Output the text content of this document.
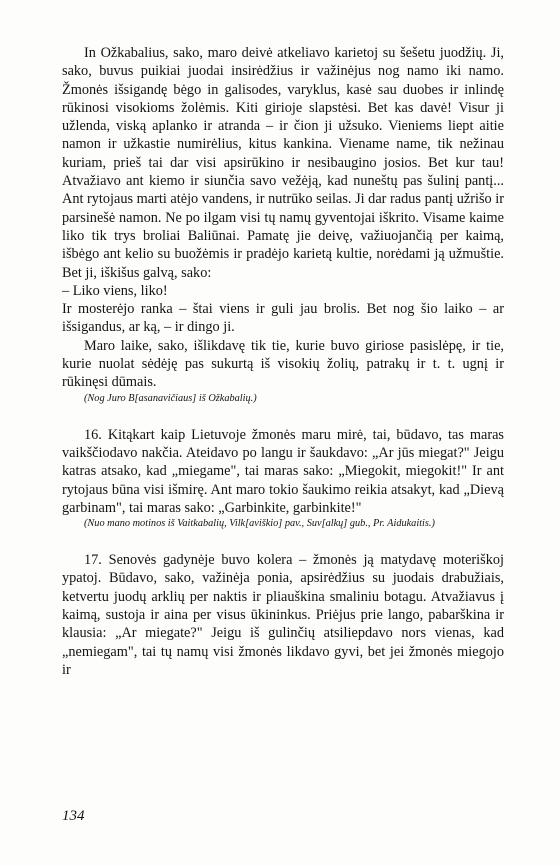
In Ožkabalius, sako, maro deivė atkeliavo karietoj su šešetu juodžių. Ji, sako, buvus puikiai juodai insirėdžius ir važinėjus nog namo iki namo. Žmonės išsigandę bėgo in galisodes, varyklus, kasė sau duobes ir inlindę rūkinosi visokioms žolėmis. Kiti girioje slapstėsi. Bet kas davė! Visur ji užlenda, viską aplanko ir atranda – ir čion ji užsuko. Vieniems liept aitie namon ir užkastie numirėlius, kitus kankina. Viename name, tik nežinau kuriam, prieš tai dar visi apsirūkino ir nesibaugino josios. Bet kur tau! Atvažiavo ant kiemo ir siunčia savo vežėją, kad nuneštų pas šulinį pantį... Ant rytojaus marti atėjo vandens, ir nutrūko seilas. Ji dar radus pantį užrišo ir parsinešė namon. Ne po ilgam visi tų namų gyventojai iškrito. Visame kaime liko tik trys broliai Baliūnai. Pamatę jie deivę, važiuojančią per kaimą, išbėgo ant kelio su buožėmis ir pradėjo karietą kultie, norėdami ją užmuštie. Bet ji, iškišus galvą, sako:

– Liko viens, liko!

Ir mosterėjo ranka – štai viens ir guli jau brolis. Bet nog šio laiko – ar išsigandus, ar ką, – ir dingo ji.

Maro laike, sako, išlikdavę tik tie, kurie buvo giriose pasislėpę, ir tie, kurie nuolat sėdėję pas sukurtą iš visokių žolių, patrakų ir t. t. ugnį ir rūkinęsi dūmais.

(Nog Juro B[asanavičiaus] iš Ožkabalių.)

16. Kitąkart kaip Lietuvoje žmonės maru mirė, tai, būdavo, tas maras vaikščiodavo nakčia. Ateidavo po langu ir šaukdavo: „Ar jūs miegat?" Jeigu katras atsako, kad „miegame", tai maras sako: „Miegokit, miegokit!" Ir ant rytojaus būna visi išmirę. Ant maro tokio šaukimo reikia atsakyt, kad „Dievą garbinam", tai maras sako: „Garbinkite, garbinkite!"

(Nuo mano motinos iš Vaitkabalių, Vilk[aviškio] pav., Suv[alkų] gub., Pr. Aidukaitis.)

17. Senovės gadynėje buvo kolera – žmonės ją matydavę moteriškoj ypatoj. Būdavo, sako, važinėja ponia, apsirėdžius su juodais drabužiais, ketvertu juodų arklių per naktis ir pliauškina smaliniu botagu. Atvažiavus į kaimą, sustoja ir aina per visus ūkininkus. Priėjus prie lango, pabarškina ir klausia: „Ar miegate?" Jeigu iš gulinčių atsiliepdavo nors vienas, kad „nemiegam", tai tų namų visi žmonės likdavo gyvi, bet jei žmonės miegojo ir

134
